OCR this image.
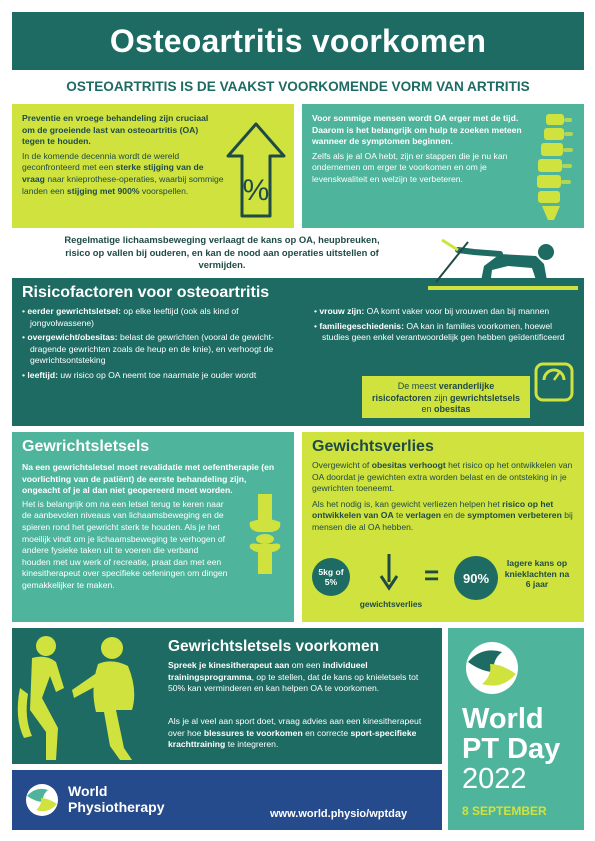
Osteoartritis voorkomen
OSTEOARTRITIS IS DE VAAKST VOORKOMENDE VORM VAN ARTRITIS
Preventie en vroege behandeling zijn cruciaal om de groeiende last van osteoartritis (OA) tegen te houden.
In de komende decennia wordt de wereld geconfronteerd met een sterke stijging van de vraag naar knieprothese-operaties, waarbij sommige landen een stijging met 900% voorspellen.	%
Voor sommige mensen wordt OA erger met de tijd. Daarom is het belangrijk om hulp te zoeken meteen wanneer de symptomen beginnen.
Zelfs als je al OA hebt, zijn er stappen die je nu kan ondernemen om erger te voorkomen en om je levenskwaliteit en welzijn te verbeteren.
Regelmatige lichaamsbeweging verlaagt de kans op OA, heupbreuken, risico op vallen bij ouderen, en kan de nood aan operaties uitstellen of vermijden.
Risicofactoren voor osteoartritis
• eerder gewrichtsletsel: op elke leeftijd (ook als kind of jongvolwassene)
• overgewicht/obesitas: belast de gewrichten (vooral de gewicht-dragende gewrichten zoals de heup en de knie), en verhoogt de gewrichtsontsteking
• leeftijd: uw risico op OA neemt toe naarmate je ouder wordt
• vrouw zijn: OA komt vaker voor bij vrouwen dan bij mannen
• familiegeschiedenis: OA kan in families voorkomen, hoewel studies geen enkel verantwoordelijk gen hebben geïdentificeerd
De meest veranderlijke risicofactoren zijn gewrichtsletsels en obesitas
Gewrichtsletsels
Na een gewrichtsletsel moet revalidatie met oefentherapie (en voorlichting van de patiënt) de eerste behandeling zijn, ongeacht of je al dan niet geopereerd moet worden.
Het is belangrijk om na een letsel terug te keren naar de aanbevolen niveaus van lichaamsbeweging en de spieren rond het gewricht sterk te houden. Als je het moeilijk vindt om je lichaamsbeweging te verhogen of andere fysieke taken uit te voeren die verband houden met uw werk of recreatie, praat dan met een kinesitherapeut over specifieke oefeningen om dingen gemakkelijker te maken.
Gewichtsverlies
Overgewicht of obesitas verhoogt het risico op het ontwikkelen van OA doordat je gewichten extra worden belast en de ontsteking in je gewrichten toeneemt.
Als het nodig is, kan gewicht verliezen helpen het risico op het ontwikkelen van OA te verlagen en de symptomen verbeteren bij mensen die al OA hebben.
5kg of 5%
gewichtsverlies
= 90%
lagere kans op knieklachten na 6 jaar
Gewrichtsletsels voorkomen
Spreek je kinesitherapeut aan om een individueel trainingsprogramma, op te stellen, dat de kans op knieletsels tot 50% kan verminderen en kan helpen OA te voorkomen.
Als je al veel aan sport doet, vraag advies aan een kinesitherapeut over hoe blessures te voorkomen en correcte sport-specifieke krachttraining te integreren.
World
PT Day
2022
8 SEPTEMBER
World
Physiotherapy	www.world.physio/wptday
